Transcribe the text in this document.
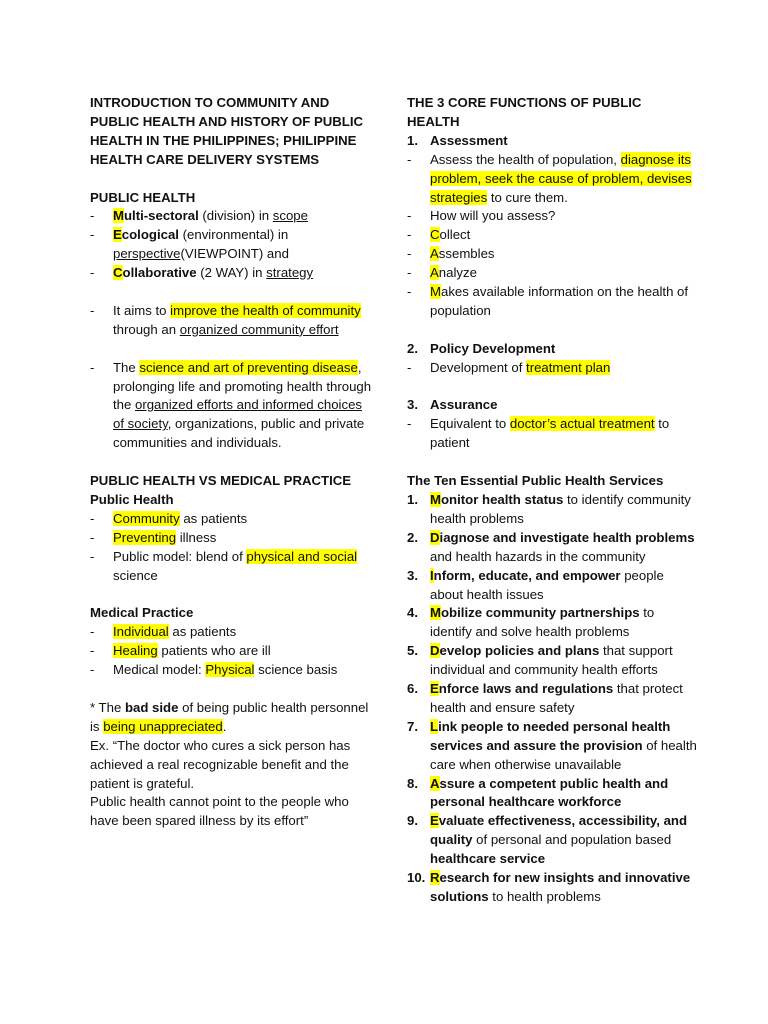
INTRODUCTION TO COMMUNITY AND PUBLIC HEALTH AND HISTORY OF PUBLIC HEALTH IN THE PHILIPPINES; PHILIPPINE HEALTH CARE DELIVERY SYSTEMS

PUBLIC HEALTH

-	Multi-sectoral (division) in scope
-	Ecological (environmental) in perspective(VIEWPOINT) and
-	Collaborative (2 WAY) in strategy
-	It aims to improve the health of community through an organized community effort
-	The science and art of preventing disease, prolonging life and promoting health through the organized efforts and informed choices of society, organizations, public and private communities and individuals.

PUBLIC HEALTH VS MEDICAL PRACTICE

Public Health

-	Community as patients
-	Preventing illness
-	Public model: blend of physical and social science

Medical Practice

-	Individual as patients
-	Healing patients who are ill
-	Medical model: Physical science basis

* The bad side of being public health personnel is being unappreciated.

Ex. “The doctor who cures a sick person has achieved a real recognizable benefit and the patient is grateful.

Public health cannot point to the people who have been spared illness by its effort”

THE 3 CORE FUNCTIONS OF PUBLIC HEALTH

1. Assessment
-	Assess the health of population, diagnose its problem, seek the cause of problem, devises strategies to cure them.
-	How will you assess?
-	Collect
-	Assembles
-	Analyze
-	Makes available information on the health of population
2. Policy Development
-	Development of treatment plan
3. Assurance
-	Equivalent to doctor’s actual treatment to patient

The Ten Essential Public Health Services

1. Monitor health status to identify community health problems
2. Diagnose and investigate health problems and health hazards in the community
3. Inform, educate, and empower people about health issues
4. Mobilize community partnerships to identify and solve health problems
5. Develop policies and plans that support individual and community health efforts
6. Enforce laws and regulations that protect health and ensure safety
7. Link people to needed personal health services and assure the provision of health care when otherwise unavailable
8. Assure a competent public health and personal healthcare workforce
9. Evaluate effectiveness, accessibility, and quality of personal and population based healthcare service
10. Research for new insights and innovative solutions to health problems
